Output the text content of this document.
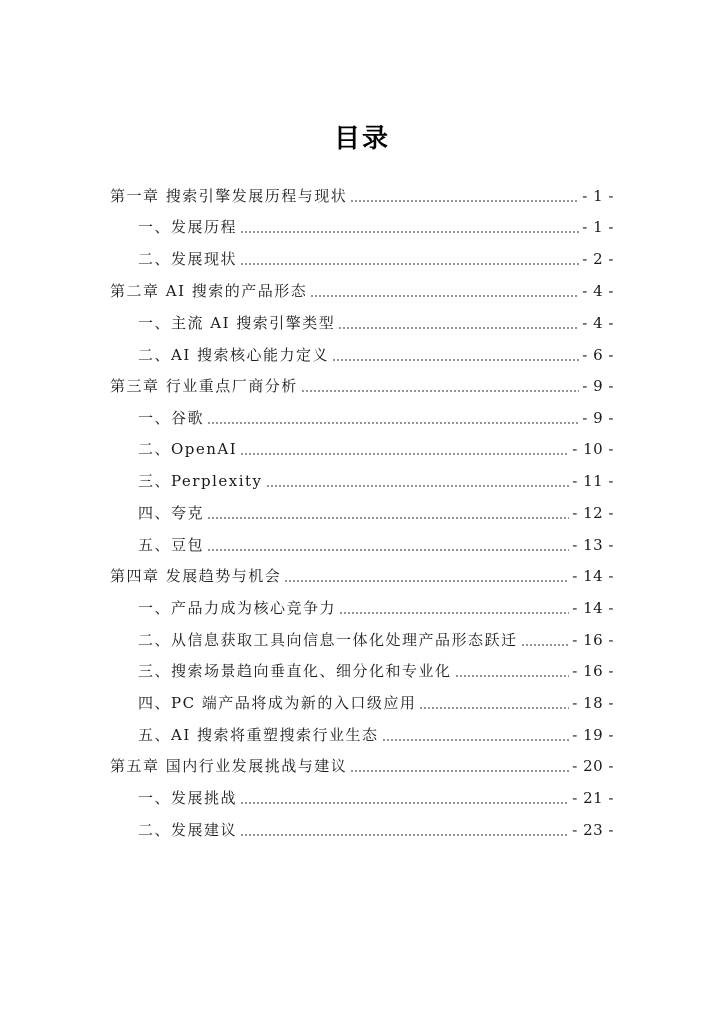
目录
第一章 搜索引擎发展历程与现状	- 1 -
一、发展历程	- 1 -
二、发展现状	- 2 -
第二章 AI 搜索的产品形态	- 4 -
一、主流 AI 搜索引擎类型	- 4 -
二、AI 搜索核心能力定义	- 6 -
第三章 行业重点厂商分析	- 9 -
一、谷歌	- 9 -
二、OpenAI	- 10 -
三、Perplexity	- 11 -
四、夸克	- 12 -
五、豆包	- 13 -
第四章 发展趋势与机会	- 14 -
一、产品力成为核心竞争力	- 14 -
二、从信息获取工具向信息一体化处理产品形态跃迁	- 16 -
三、搜索场景趋向垂直化、细分化和专业化	- 16 -
四、PC 端产品将成为新的入口级应用	- 18 -
五、AI 搜索将重塑搜索行业生态	- 19 -
第五章 国内行业发展挑战与建议	- 20 -
一、发展挑战	- 21 -
二、发展建议	- 23 -
